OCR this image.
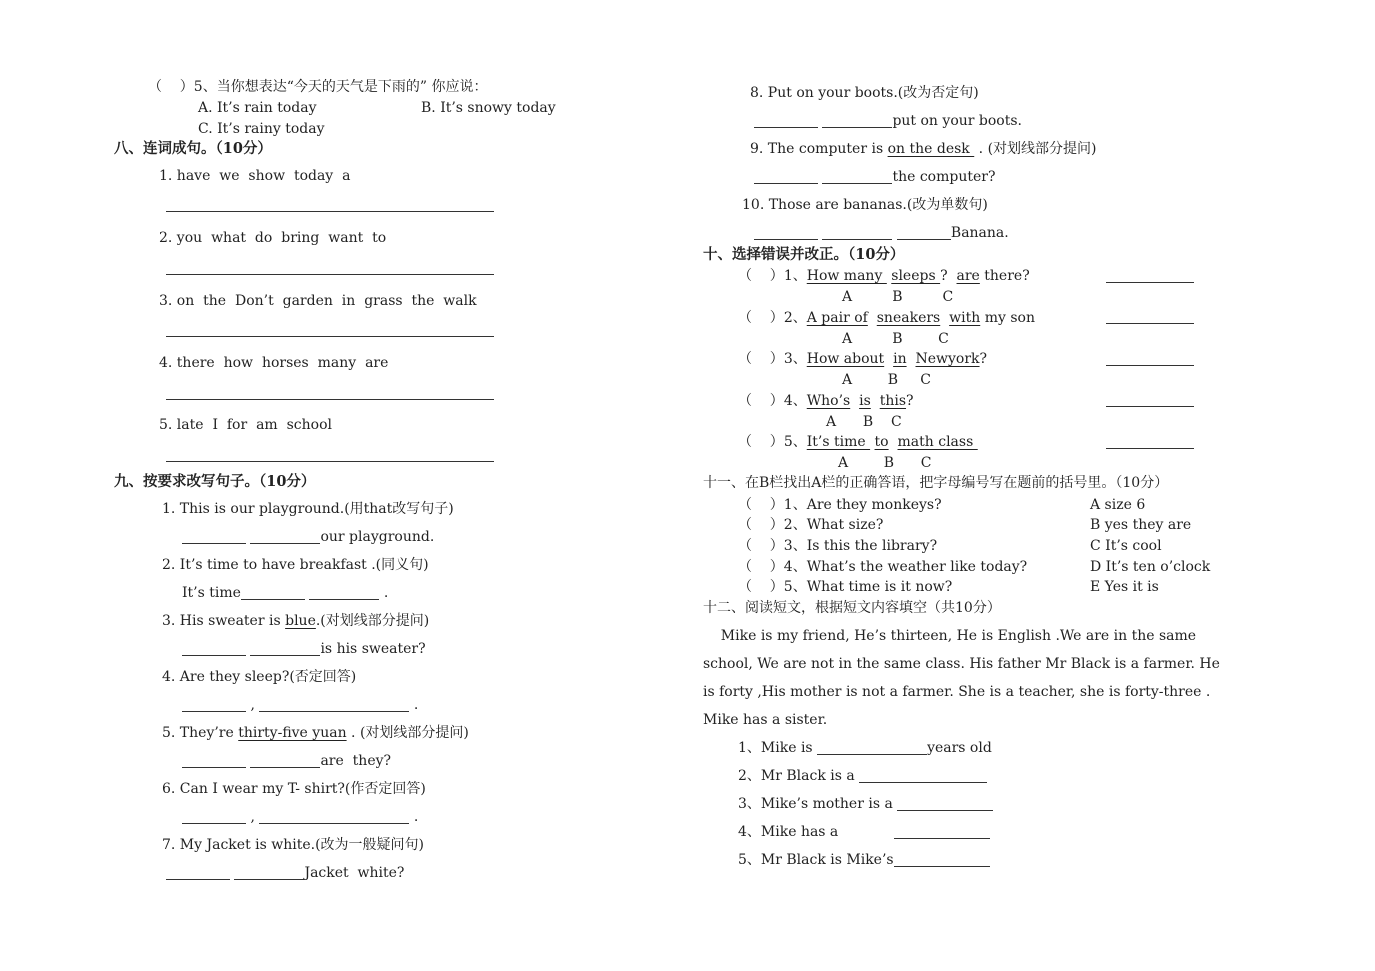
（    ）5、当你想表达“今天的天气是下雨的” 你应说：
A. It’s rain today	B. It’s snowy today
C. It’s rainy today
八、连词成句。（10分）
1. have  we  show  today  a
2. you  what  do  bring  want  to
3. on  the  Don’t  garden  in  grass  the  walk
4. there  how  horses  many  are
5. late  I  for  am  school
九、按要求改写句子。（10分）
1. This is our playground.(用that改写句子)
our playground.
2. It’s time to have breakfast .(同义句)
It’s time	.
3. His sweater is blue.(对划线部分提问)
is his sweater?
4. Are they sleep?(否定回答)
,	.
5. They’re thirty-five yuan . (对划线部分提问)
are  they?
6. Can I wear my T- shirt?(作否定回答)
,	.
7. My Jacket is white.(改为一般疑问句)
Jacket  white?
8. Put on your boots.(改为否定句)
put on your boots.
9. The computer is on the desk  . (对划线部分提问)
the computer?
10. Those are bananas.(改为单数句)
Banana.
十、选择错误并改正。（10分）
（    ）1、How many  sleeps ?  are there?
A	B	C
（    ）2、A pair of sneakers with my son
A	B	C
（    ）3、How about in Newyork?
A	B C
（    ）4、Who’s is this?
A B C
（    ）5、It’s time  to math class
A	B C
十一、在B栏找出A栏的正确答语，把字母编号写在题前的括号里。（10分）
（    ）1、Are they monkeys?	A size 6
（    ）2、What size?	B yes they are
（    ）3、Is this the library?	C It’s cool
（    ）4、What’s the weather like today?	D It’s ten o’clock
（    ）5、What time is it now?	E Yes it is
十二、阅读短文，根据短文内容填空（共10分）
Mike is my friend, He’s thirteen, He is English .We are in the same
school, We are not in the same class. His father Mr Black is a farmer. He
is forty ,His mother is not a farmer. She is a teacher, she is forty-three .
Mike has a sister.
1、Mike is	years old
2、Mr Black is a
3、Mike’s mother is a
4、Mike has a
5、Mr Black is Mike’s
